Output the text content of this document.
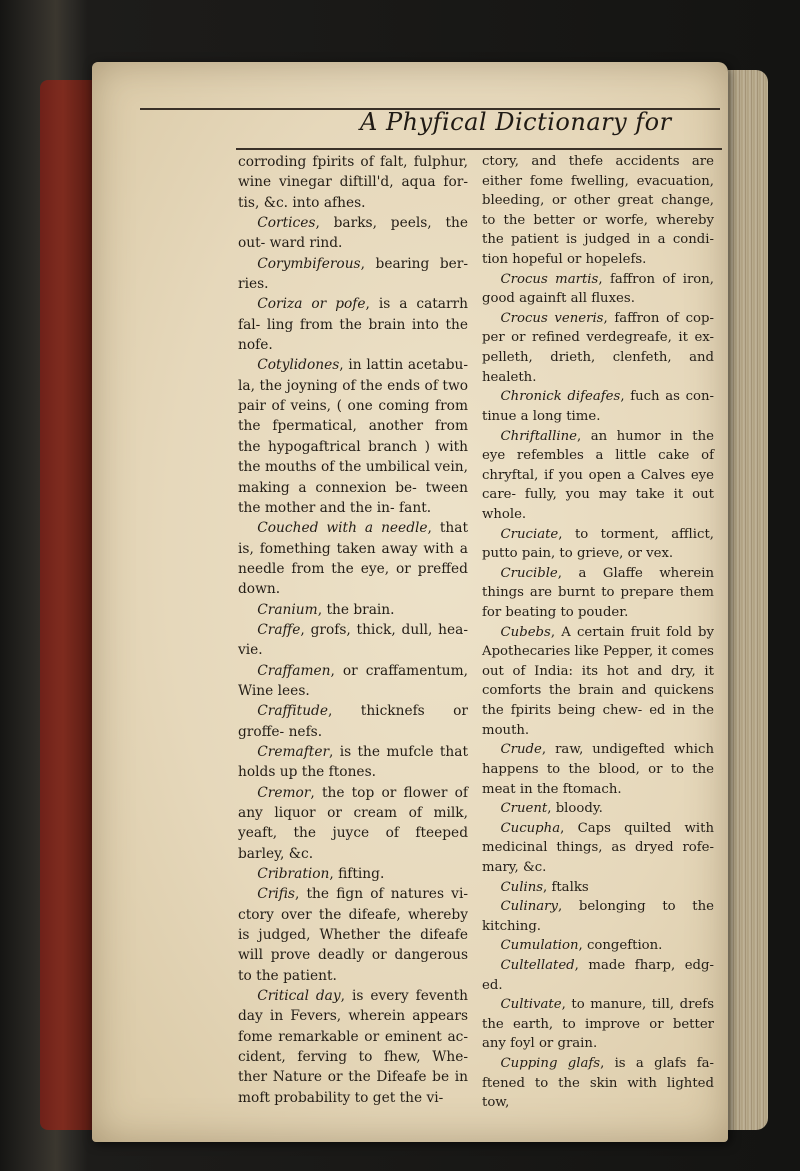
A Phyfical Dictionary for

corroding fpirits of falt, fulphur, wine vinegar diftill'd, aqua for- tis, &c. into afhes.

Cortices, barks, peels, the out- ward rind.

Corymbiferous, bearing ber- ries.

Coriza or pofe, is a catarrh fal- ling from the brain into the nofe.

Cotylidones, in lattin acetabu- la, the joyning of the ends of two pair of veins, ( one coming from the fpermatical, another from the hypogaftrical branch ) with the mouths of the umbilical vein, making a connexion be- tween the mother and the in- fant.

Couched with a needle, that is, fomething taken away with a needle from the eye, or preffed down.

Cranium, the brain.

Craffe, grofs, thick, dull, hea- vie.

Craffamen, or craffamentum, Wine lees.

Craffitude, thicknefs or groffe- nefs.

Cremafter, is the mufcle that holds up the ftones.

Cremor, the top or flower of any liquor or cream of milk, yeaft, the juyce of fteeped barley, &c.

Cribration, fifting.

Crifis, the fign of natures vi- ctory over the difeafe, whereby is judged, Whether the difeafe will prove deadly or dangerous to the patient.

Critical day, is every feventh day in Fevers, wherein appears fome remarkable or eminent ac- cident, ferving to fhew, Whe- ther Nature or the Difeafe be in moft probability to get the vi-

ctory, and thefe accidents are either fome fwelling, evacuation, bleeding, or other great change, to the better or worfe, whereby the patient is judged in a condi- tion hopeful or hopelefs.

Crocus martis, faffron of iron, good againft all fluxes.

Crocus veneris, faffron of cop- per or refined verdegreafe, it ex- pelleth, drieth, clenfeth, and healeth.

Chronick difeafes, fuch as con- tinue a long time.

Chriftalline, an humor in the eye refembles a little cake of chryftal, if you open a Calves eye care- fully, you may take it out whole.

Cruciate, to torment, afflict, putto pain, to grieve, or vex.

Crucible, a Glaffe wherein things are burnt to prepare them for beating to pouder.

Cubebs, A certain fruit fold by Apothecaries like Pepper, it comes out of India: its hot and dry, it comforts the brain and quickens the fpirits being chew- ed in the mouth.

Crude, raw, undigefted which happens to the blood, or to the meat in the ftomach.

Cruent, bloody.

Cucupha, Caps quilted with medicinal things, as dryed rofe- mary, &c.

Culins, ftalks

Culinary, belonging to the kitching.

Cumulation, congeftion.

Cultellated, made fharp, edg- ed.

Cultivate, to manure, till, drefs the earth, to improve or better any foyl or grain.

Cupping glafs, is a glafs fa- ftened to the skin with lighted tow,
